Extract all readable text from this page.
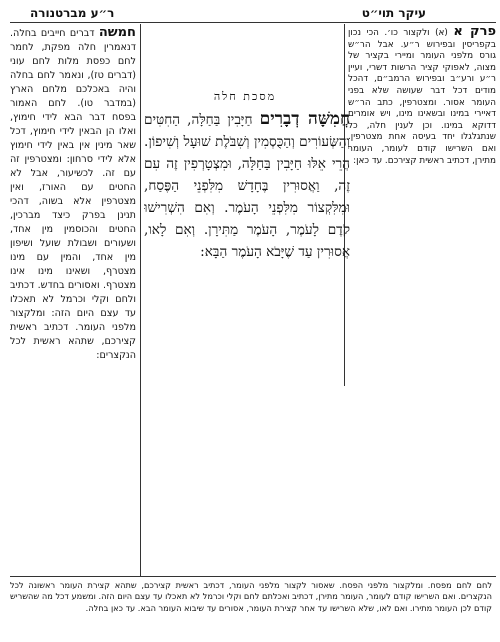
ר״ע מברטנורה	עיקר תוי״ט
חמשה דברים חייבים בחלה. דנאמרין חלה מפקת, לחמר לחם כפסת מלות לחם עוני (דברים טז), ונאמר לחם בחלה והיה באכלכם מלחם הארץ (במדבר טו). לחם האמור בפסח דבר הבא לידי חימוץ, ואלו הן הבאין לידי חימוץ, דכל שאר מינין אין באין לידי חימוץ אלא לידי סרחון: ומצטרפין זה עם זה. לכשיעור, אבל לא החטים עם האורז, ואין מצטרפין אלא בשוה, דהכי תנינן בפרק כיצד מברכין, החטים והכוסמין מין אחד, ושעורים ושבולת שועל ושיפון מין אחד, והמין עם מינו מצטרף, ושאינו מינו אינו מצטרף. ואסורים בחדש. דכתיב ולחם וקלי וכרמל לא תאכלו עד עצם היום הזה: ומלקצור מלפני העומר. דכתיב ראשית קצירכם, שתהא ראשית לכל הנקצרים:
פרק א (א) ולקצור כו׳. הכי נכון בקפריסין ובפירוש ר״ע. אבל הר״ש גורס מלפני העומר ומיירי בקציר של מצוה, לאפוקי קציר הרשות דשרי, ועיין ר״ע ורע״ב ובפירוש הרמב״ם, דהכל מודים דכל דבר שעושה שלא בפני העומר אסור. ומצטרפין, כתב הר״ש דאיירי במינו ובשאינו מינו, ויש אומרים דדוקא במינו. וכן לענין חלה, כל שנתגלגלו יחד בעיסה אחת מצטרפין. ואם השרישו קודם לעומר, העומר מתירן, דכתיב ראשית קצירכם. עד כאן:
מסכת חלה
חֲמִשָּׁה דְבָרִים חַיָּבִין בַּחַלָּה, הַחִטִּים וְהַשְּׂעוֹרִים וְהַכֻּסְמִין וְשִׁבֹּלֶת שׁוּעָל וְשִׁיפוֹן. הֲרֵי אֵלּוּ חַיָּבִין בַּחַלָּה, וּמִצְטָרְפִין זֶה עִם זֶה, וַאֲסוּרִין בֶּחָדָשׁ מִלִּפְנֵי הַפֶּסַח, וּמִלִּקְצוֹר מִלִּפְנֵי הָעֹמֶר. וְאִם הִשְׁרִישׁוּ קֹדֶם לָעֹמֶר, הָעֹמֶר מַתִּירָן. וְאִם לָאו, אֲסוּרִין עַד שֶׁיָּבֹא הָעֹמֶר הַבָּא:
לחם לחם מפסח. ומלקצור מלפני הפסח. שאסור לקצור מלפני העומר, דכתיב ראשית קצירכם, שתהא קצירת העומר ראשונה לכל הנקצרים. ואם השרישו קודם לעומר, העומר מתירן, דכתיב ואכלתם לחם וקלי וכרמל לא תאכלו עד עצם היום הזה. ומשמע דכל מה שהשריש קודם לכן העומר מתירו. ואם לאו, שלא השרישו עד אחר קצירת העומר, אסורים עד שיבוא העומר הבא. עד כאן בחלה.
